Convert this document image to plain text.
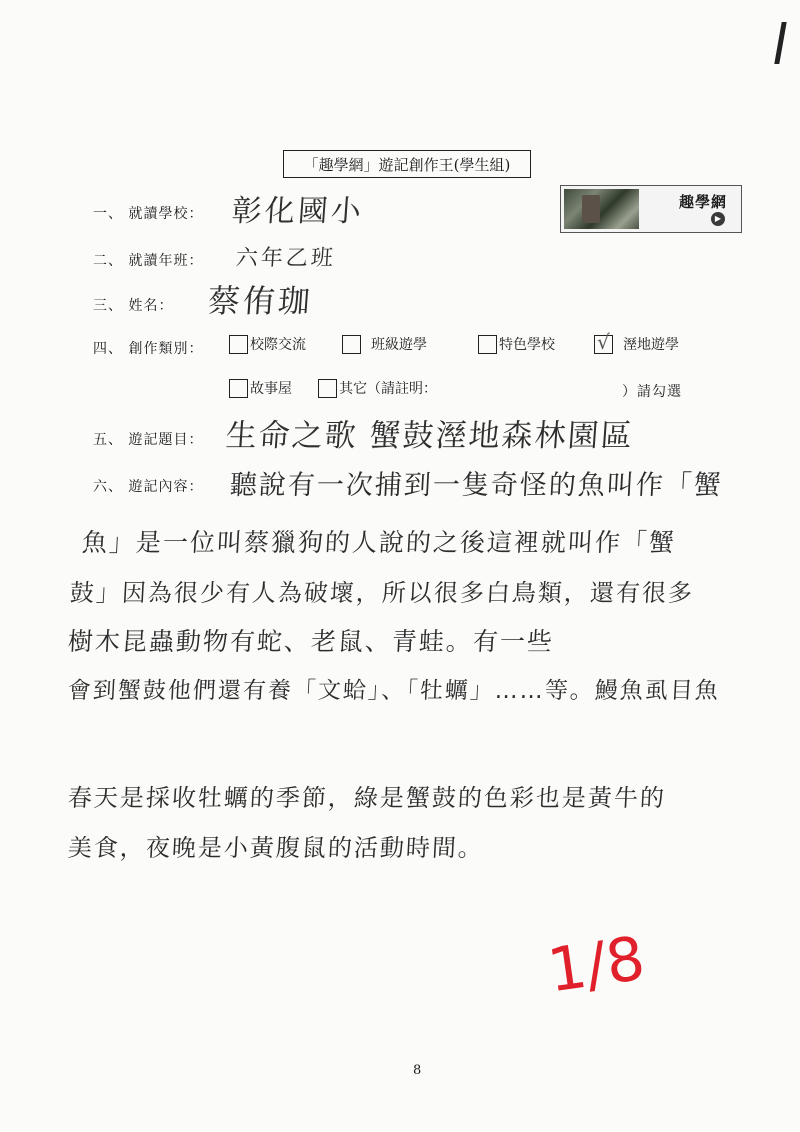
「趣學網」遊記創作王(學生組)
趣學網
▶
一、 就讀學校： 彰化國小
二、 就讀年班： 六年乙班
三、 姓名： 蔡侑珈
四、 創作類別：	校際交流	班級遊學	特色學校 √ 溼地遊學
故事屋	其它（請註明：	）請勾選
五、 遊記題目： 生命之歌 蟹鼓溼地森林園區
六、 遊記內容： 聽說有一次捕到一隻奇怪的魚叫作「蟹
魚」是一位叫蔡獵狗的人說的之後這裡就叫作「蟹
鼓」因為很少有人為破壞，所以很多白鳥類，還有很多
樹木昆蟲動物有蛇、老鼠、青蛙。有一些
會到蟹鼓他們還有養「文蛤」、「牡蠣」……等。鰻魚虱目魚
春天是採收牡蠣的季節，綠是蟹鼓的色彩也是黃牛的
美食，夜晚是小黃腹鼠的活動時間。
1/8
8
